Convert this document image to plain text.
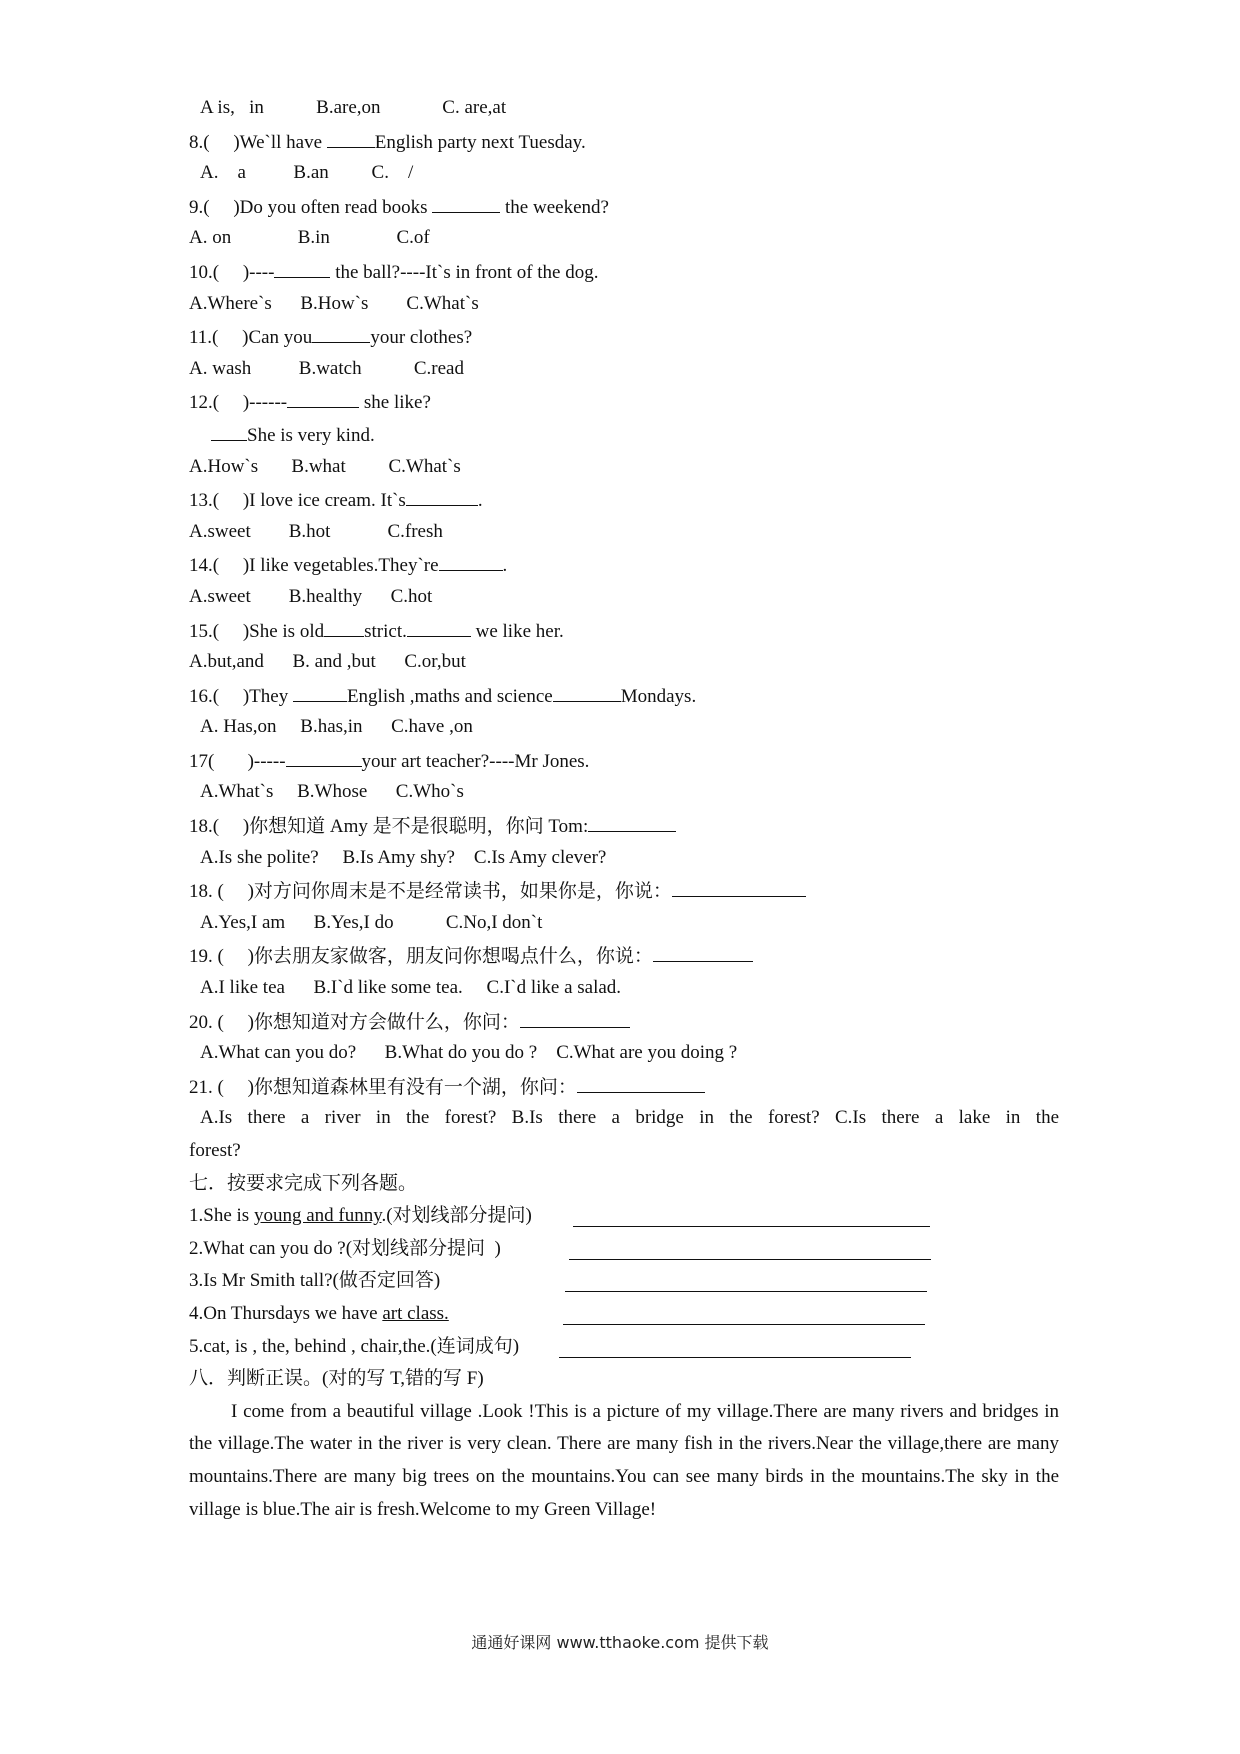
A is, in	B.are,on	C. are,at
8.( )We`ll have	English party next Tuesday.
A. a	B.an C. /
9.( )Do you often read books	the weekend?
A. on	B.in	C.of
10.( )----	the ball?----It`s in front of the dog.
A.Where`s B.How`s C.What`s
11.( )Can you	your clothes?
A. wash	B.watch	C.read
12.( )------	she like?
She is very kind.
A.How`s B.what C.What`s
13.( )I love ice cream. It`s	.
A.sweet B.hot	C.fresh
14.( )I like vegetables.They`re	.
A.sweet B.healthy C.hot
15.( )She is old strict.	we like her.
A.but,and B. and ,but C.or,but
16.( )They	English ,maths and science	Mondays.
A. Has,on B.has,in C.have ,on
17( )-----	your art teacher?----Mr Jones.
A.What`s B.Whose C.Who`s
18.( )你想知道 Amy 是不是很聪明，你问 Tom:
A.Is she polite? B.Is Amy shy? C.Is Amy clever?
18. ( )对方问你周末是不是经常读书，如果你是，你说：
A.Yes,I am B.Yes,I do	C.No,I don`t
19. ( )你去朋友家做客，朋友问你想喝点什么，你说：
A.I like tea B.I`d like some tea. C.I`d like a salad.
20. ( )你想知道对方会做什么，你问：
A.What can you do? B.What do you do ? C.What are you doing ?
21. ( )你想知道森林里有没有一个湖，你问：
A.Is there a river in the forest? B.Is there a bridge in the forest? C.Is there a lake in the
forest?
七．按要求完成下列各题。
1.She is young and funny.(对划线部分提问)
2.What can you do ?(对划线部分提问  )
3.Is Mr Smith tall?(做否定回答)
4.On Thursdays we have art class.
5.cat, is , the, behind , chair,the.(连词成句)
八．判断正误。(对的写 T,错的写 F)
I come from a beautiful village .Look !This is a picture of my village.There are many rivers and bridges in the village.The water in the river is very clean. There are many fish in the rivers.Near the village,there are many mountains.There are many big trees on the mountains.You can see many birds in the mountains.The sky in the village is blue.The air is fresh.Welcome to my Green Village!
通通好课网 www.tthaoke.com 提供下载
